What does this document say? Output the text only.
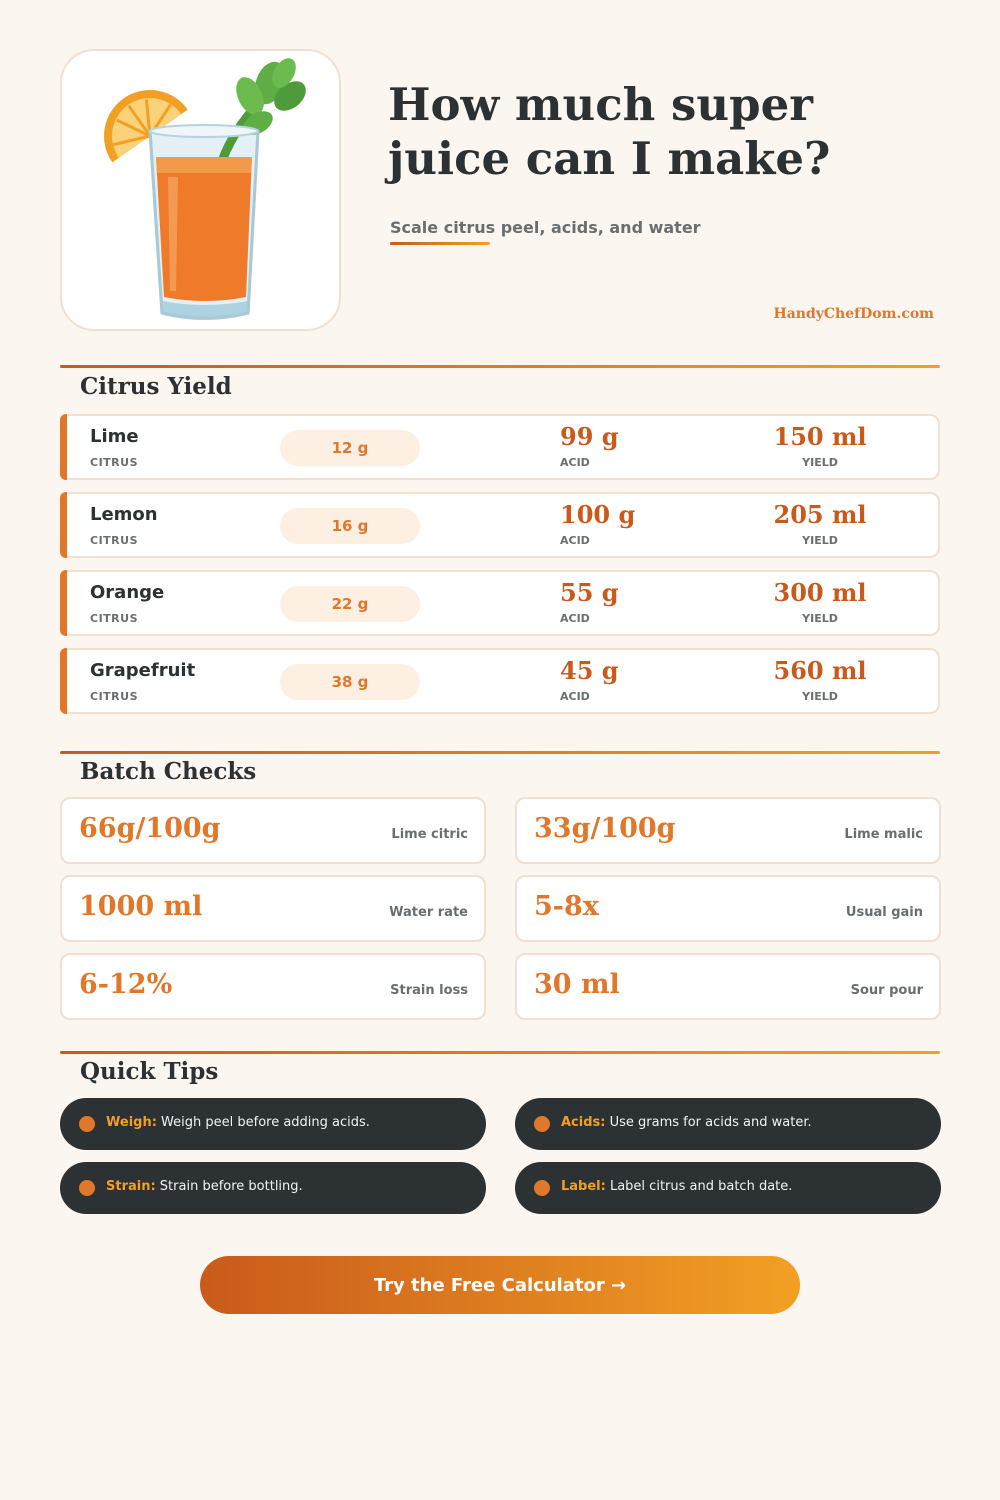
How much super juice can I make?
Scale citrus peel, acids, and water
HandyChefDom.com
Citrus Yield
Lime
CITRUS
12 g	99 g
ACID
150 ml
YIELD
Lemon
CITRUS
16 g	100 g
ACID
205 ml
YIELD
Orange
CITRUS
22 g	55 g
ACID
300 ml
YIELD
Grapefruit
CITRUS
38 g	45 g
ACID
560 ml
YIELD
Batch Checks
66g/100g	Lime citric 33g/100g	Lime malic
1000 ml	Water rate 5-8x	Usual gain
6-12%	Strain loss 30 ml	Sour pour
Quick Tips
Weigh: Weigh peel before adding acids.	Acids: Use grams for acids and water.
Strain: Strain before bottling.	Label: Label citrus and batch date.
Try the Free Calculator →
